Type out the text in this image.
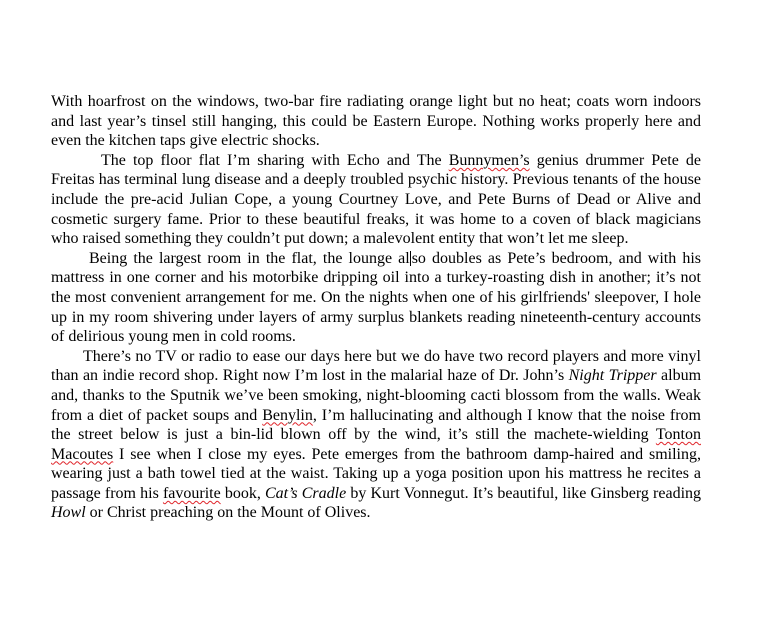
With hoarfrost on the windows, two-bar fire radiating orange light but no heat; coats worn indoors and last year’s tinsel still hanging, this could be Eastern Europe. Nothing works properly here and even the kitchen taps give electric shocks.

The top floor flat I’m sharing with Echo and The Bunnymen’s genius drummer Pete de Freitas has terminal lung disease and a deeply troubled psychic history. Previous tenants of the house include the pre-acid Julian Cope, a young Courtney Love, and Pete Burns of Dead or Alive and cosmetic surgery fame. Prior to these beautiful freaks, it was home to a coven of black magicians who raised something they couldn’t put down; a malevolent entity that won’t let me sleep.

Being the largest room in the flat, the lounge al so doubles as Pete’s bedroom, and with his mattress in one corner and his motorbike dripping oil into a turkey-roasting dish in another; it’s not the most convenient arrangement for me. On the nights when one of his girlfriends' sleepover, I hole up in my room shivering under layers of army surplus blankets reading nineteenth-century accounts of delirious young men in cold rooms.

There’s no TV or radio to ease our days here but we do have two record players and more vinyl than an indie record shop. Right now I’m lost in the malarial haze of Dr. John’s Night Tripper album and, thanks to the Sputnik we’ve been smoking, night-blooming cacti blossom from the walls. Weak from a diet of packet soups and Benylin, I’m hallucinating and although I know that the noise from the street below is just a bin-lid blown off by the wind, it’s still the machete-wielding Tonton Macoutes I see when I close my eyes. Pete emerges from the bathroom damp-haired and smiling, wearing just a bath towel tied at the waist. Taking up a yoga position upon his mattress he recites a passage from his favourite book, Cat’s Cradle by Kurt Vonnegut. It’s beautiful, like Ginsberg reading Howl or Christ preaching on the Mount of Olives.
